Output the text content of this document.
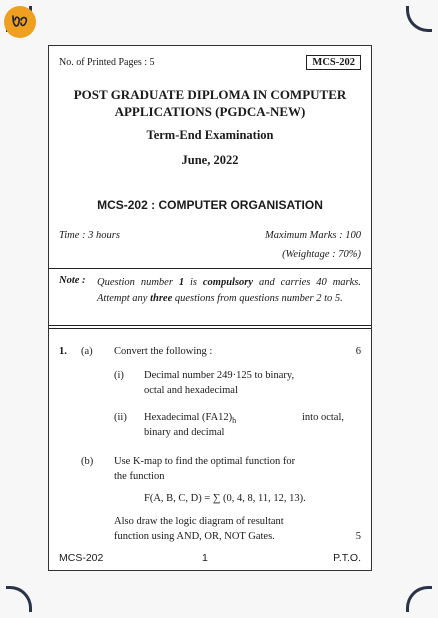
No. of Printed Pages : 5	MCS-202
POST GRADUATE DIPLOMA IN COMPUTER
APPLICATIONS (PGDCA-NEW)
Term-End Examination
June, 2022
MCS-202 : COMPUTER ORGANISATION
Time : 3 hours	Maximum Marks : 100
(Weightage : 70%)
Note : Question number 1 is compulsory and carries 40 marks. Attempt any three questions from questions number 2 to 5.
1. (a) Convert the following :	6
(i) Decimal number 249·125 to binary,
octal and hexadecimal
(ii) Hexadecimal $(FA12)_h$	into octal,
binary and decimal
(b) Use K-map to find the optimal function for
the function
F(A, B, C, D) = ∑ (0, 4, 8, 11, 12, 13).
Also draw the logic diagram of resultant
function using AND, OR, NOT Gates.	5
MCS-202	1	P.T.O.
